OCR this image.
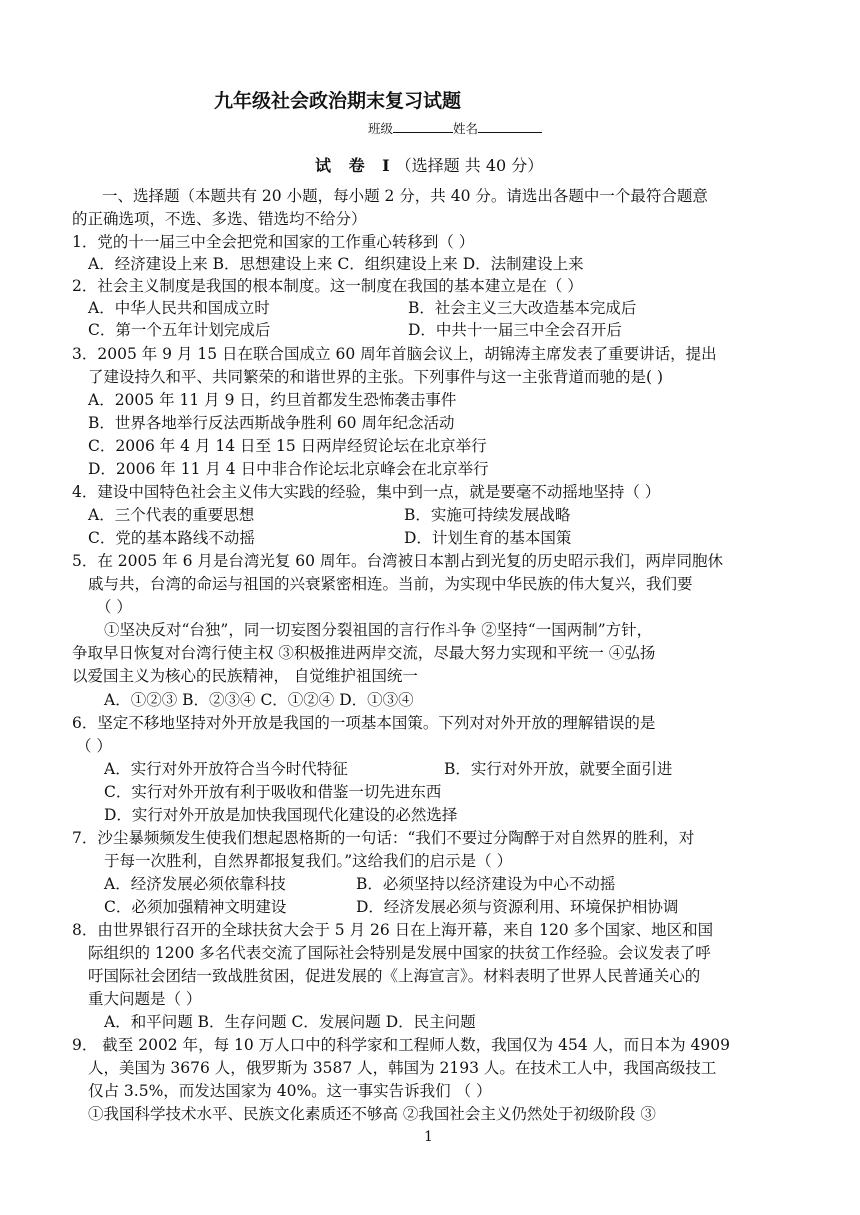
九年级社会政治期末复习试题
班级	姓名
试 卷 Ⅰ（选择题 共 40 分）
一、选择题（本题共有 20 小题，每小题 2 分，共 40 分。请选出各题中一个最符合题意
的正确选项，不选、多选、错选均不给分）
1．党的十一届三中全会把党和国家的工作重心转移到（ ）
A．经济建设上来 B．思想建设上来 C．组织建设上来 D．法制建设上来
2．社会主义制度是我国的根本制度。这一制度在我国的基本建立是在（ ）
A．中华人民共和国成立时	B．社会主义三大改造基本完成后
C．第一个五年计划完成后	D．中共十一届三中全会召开后
3．2005 年 9 月 15 日在联合国成立 60 周年首脑会议上，胡锦涛主席发表了重要讲话，提出
了建设持久和平、共同繁荣的和谐世界的主张。下列事件与这一主张背道而驰的是( )
A．2005 年 11 月 9 日，约旦首都发生恐怖袭击事件
B．世界各地举行反法西斯战争胜利 60 周年纪念活动
C．2006 年 4 月 14 日至 15 日两岸经贸论坛在北京举行
D．2006 年 11 月 4 日中非合作论坛北京峰会在北京举行
4．建设中国特色社会主义伟大实践的经验，集中到一点，就是要毫不动摇地坚持（ ）
A．三个代表的重要思想	B．实施可持续发展战略
C．党的基本路线不动摇	D．计划生育的基本国策
5．在 2005 年 6 月是台湾光复 60 周年。台湾被日本割占到光复的历史昭示我们，两岸同胞休
戚与共，台湾的命运与祖国的兴衰紧密相连。当前，为实现中华民族的伟大复兴，我们要
（ ）
①坚决反对“台独”，同一切妄图分裂祖国的言行作斗争 ②坚持“一国两制”方针，
争取早日恢复对台湾行使主权 ③积极推进两岸交流，尽最大努力实现和平统一 ④弘扬
以爱国主义为核心的民族精神， 自觉维护祖国统一
A．①②③ B．②③④ C．①②④ D．①③④
6．坚定不移地坚持对外开放是我国的一项基本国策。下列对对外开放的理解错误的是
（ ）
A．实行对外开放符合当今时代特征	B．实行对外开放，就要全面引进
C．实行对外开放有利于吸收和借鉴一切先进东西
D．实行对外开放是加快我国现代化建设的必然选择
7．沙尘暴频频发生使我们想起恩格斯的一句话：“我们不要过分陶醉于对自然界的胜利，对
于每一次胜利，自然界都报复我们。”这给我们的启示是（ ）
A．经济发展必须依靠科技	B．必须坚持以经济建设为中心不动摇
C．必须加强精神文明建设	D．经济发展必须与资源利用、环境保护相协调
8．由世界银行召开的全球扶贫大会于 5 月 26 日在上海开幕，来自 120 多个国家、地区和国
际组织的 1200 多名代表交流了国际社会特别是发展中国家的扶贫工作经验。会议发表了呼
吁国际社会团结一致战胜贫困，促进发展的《上海宣言》。材料表明了世界人民普通关心的
重大问题是（ ）
A．和平问题 B．生存问题 C．发展问题 D．民主问题
9． 截至 2002 年，每 10 万人口中的科学家和工程师人数，我国仅为 454 人，而日本为 4909
人，美国为 3676 人，俄罗斯为 3587 人，韩国为 2193 人。在技术工人中，我国高级技工
仅占 3.5%，而发达国家为 40%。这一事实告诉我们 （ ）
①我国科学技术水平、民族文化素质还不够高 ②我国社会主义仍然处于初级阶段 ③
1
